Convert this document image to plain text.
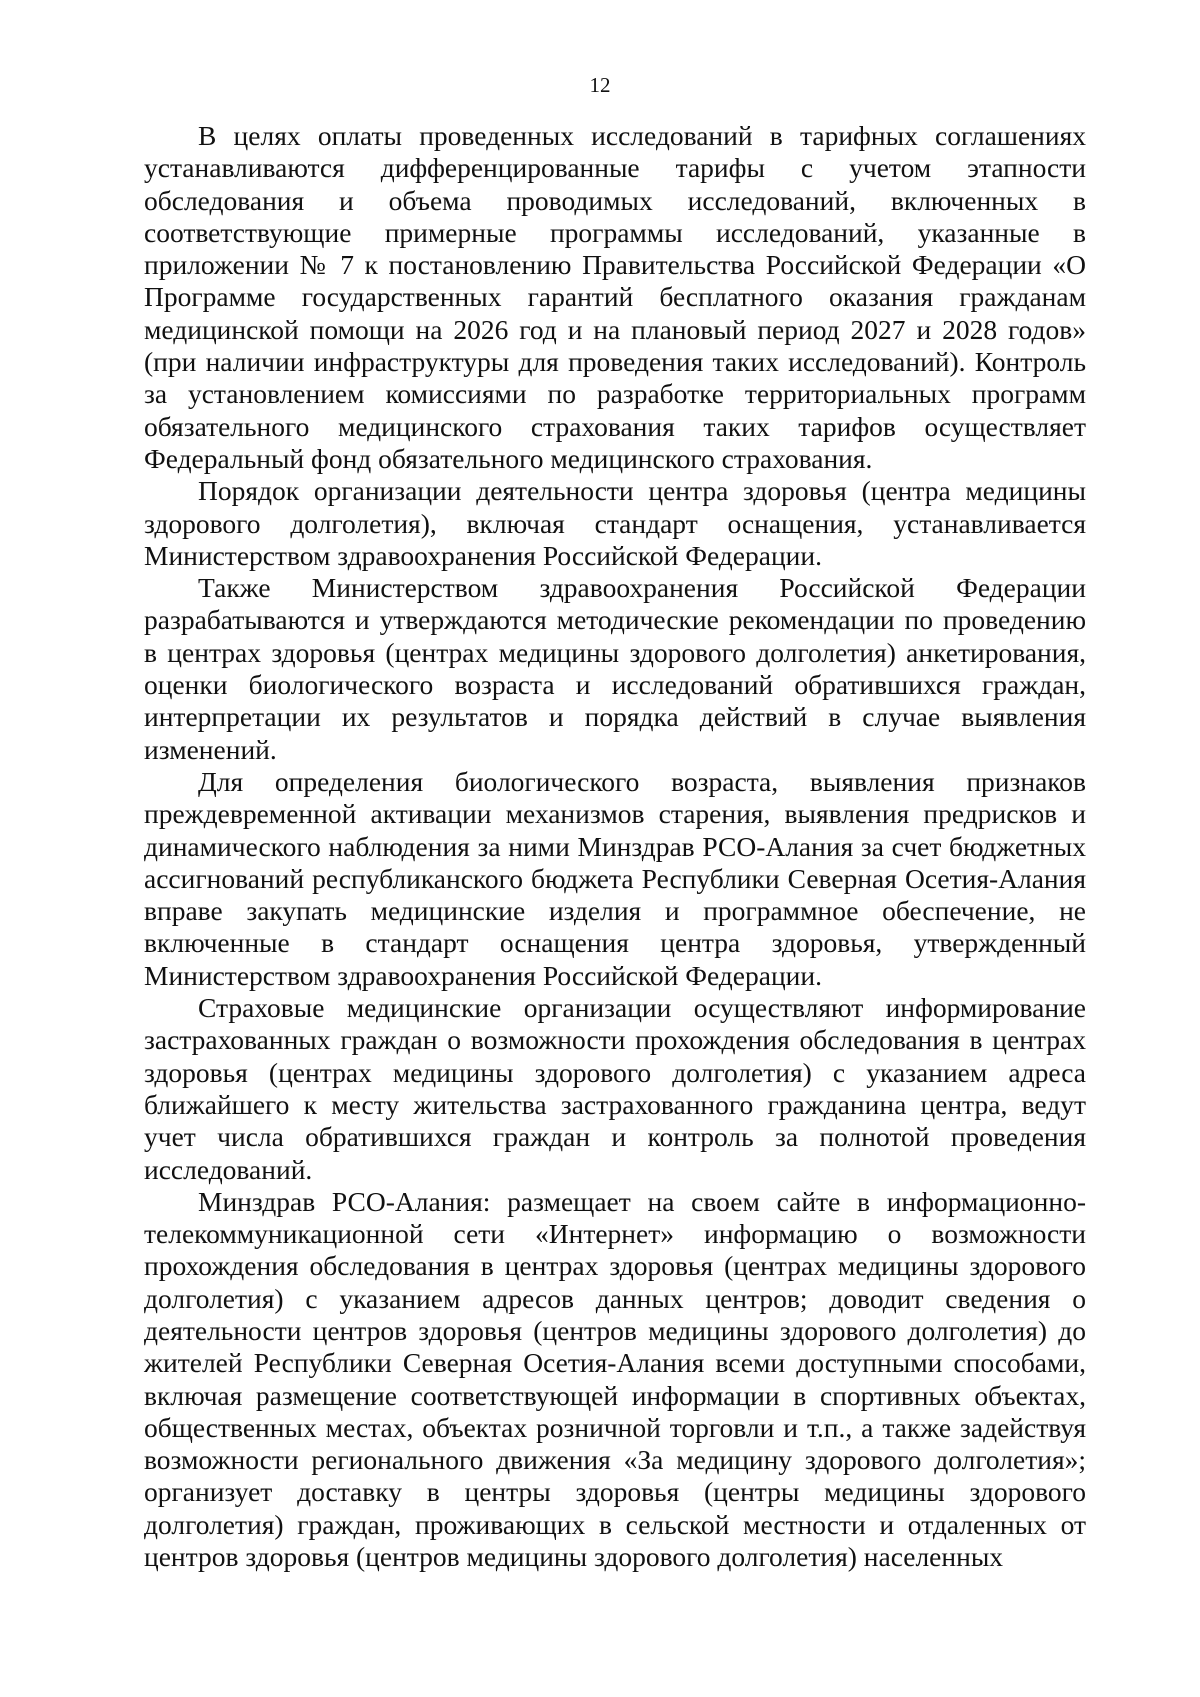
12

В целях оплаты проведенных исследований в тарифных соглашениях устанавливаются дифференцированные тарифы с учетом этапности обследования и объема проводимых исследований, включенных в соответствующие примерные программы исследований, указанные в приложении № 7 к постановлению Правительства Российской Федерации «О Программе государственных гарантий бесплатного оказания гражданам медицинской помощи на 2026 год и на плановый период 2027 и 2028 годов» (при наличии инфраструктуры для проведения таких исследований). Контроль за установлением комиссиями по разработке территориальных программ обязательного медицинского страхования таких тарифов осуществляет Федеральный фонд обязательного медицинского страхования.

Порядок организации деятельности центра здоровья (центра медицины здорового долголетия), включая стандарт оснащения, устанавливается Министерством здравоохранения Российской Федерации.

Также Министерством здравоохранения Российской Федерации разрабатываются и утверждаются методические рекомендации по проведению в центрах здоровья (центрах медицины здорового долголетия) анкетирования, оценки биологического возраста и исследований обратившихся граждан, интерпретации их результатов и порядка действий в случае выявления изменений.

Для определения биологического возраста, выявления признаков преждевременной активации механизмов старения, выявления предрисков и динамического наблюдения за ними Минздрав РСО-Алания за счет бюджетных ассигнований республиканского бюджета Республики Северная Осетия-Алания вправе закупать медицинские изделия и программное обеспечение, не включенные в стандарт оснащения центра здоровья, утвержденный Министерством здравоохранения Российской Федерации.

Страховые медицинские организации осуществляют информирование застрахованных граждан о возможности прохождения обследования в центрах здоровья (центрах медицины здорового долголетия) с указанием адреса ближайшего к месту жительства застрахованного гражданина центра, ведут учет числа обратившихся граждан и контроль за полнотой проведения исследований.

Минздрав РСО-Алания: размещает на своем сайте в информационно-телекоммуникационной сети «Интернет» информацию о возможности прохождения обследования в центрах здоровья (центрах медицины здорового долголетия) с указанием адресов данных центров; доводит сведения о деятельности центров здоровья (центров медицины здорового долголетия) до жителей Республики Северная Осетия-Алания всеми доступными способами, включая размещение соответствующей информации в спортивных объектах, общественных местах, объектах розничной торговли и т.п., а также задействуя возможности регионального движения «За медицину здорового долголетия»; организует доставку в центры здоровья (центры медицины здорового долголетия) граждан, проживающих в сельской местности и отдаленных от центров здоровья (центров медицины здорового долголетия) населенных
